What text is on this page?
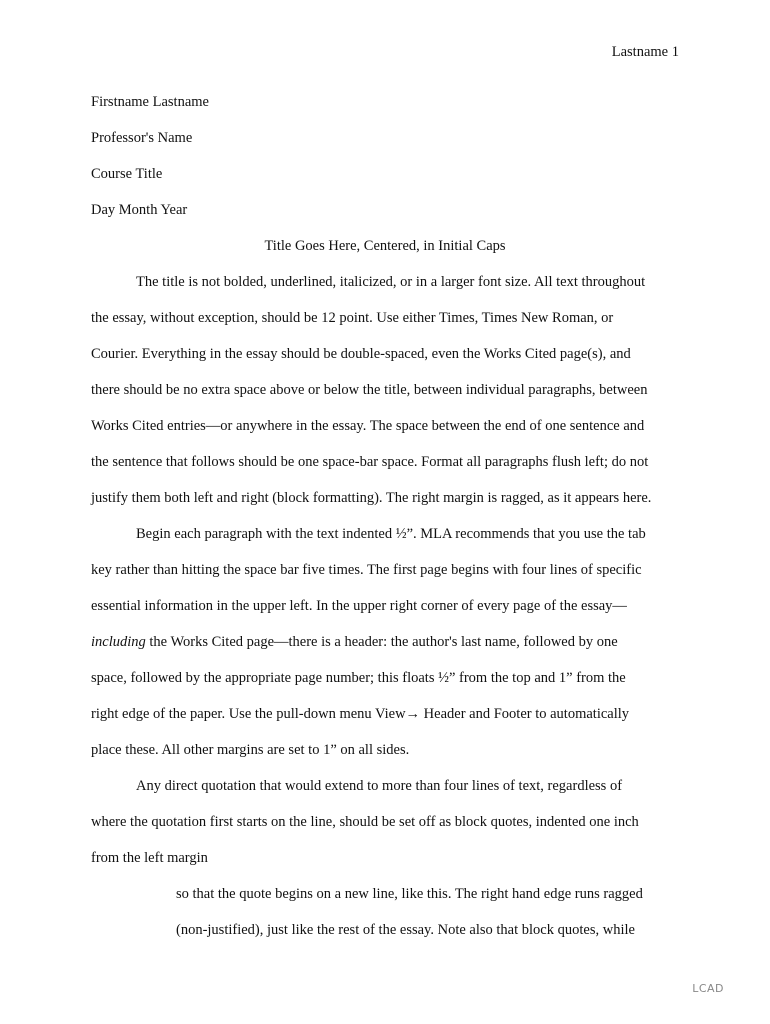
Lastname 1
Firstname Lastname
Professor's Name
Course Title
Day Month Year
Title Goes Here, Centered, in Initial Caps
The title is not bolded, underlined, italicized, or in a larger font size. All text throughout
the essay, without exception, should be 12 point. Use either Times, Times New Roman, or
Courier. Everything in the essay should be double-spaced, even the Works Cited page(s), and
there should be no extra space above or below the title, between individual paragraphs, between
Works Cited entries—or anywhere in the essay. The space between the end of one sentence and
the sentence that follows should be one space-bar space. Format all paragraphs flush left; do not
justify them both left and right (block formatting). The right margin is ragged, as it appears here.
Begin each paragraph with the text indented ½”. MLA recommends that you use the tab
key rather than hitting the space bar five times. The first page begins with four lines of specific
essential information in the upper left. In the upper right corner of every page of the essay—
including the Works Cited page—there is a header: the author's last name, followed by one
space, followed by the appropriate page number; this floats ½” from the top and 1” from the
right edge of the paper. Use the pull-down menu View→ Header and Footer to automatically
place these. All other margins are set to 1” on all sides.
Any direct quotation that would extend to more than four lines of text, regardless of
where the quotation first starts on the line, should be set off as block quotes, indented one inch
from the left margin
so that the quote begins on a new line, like this. The right hand edge runs ragged
(non-justified), just like the rest of the essay. Note also that block quotes, while
LCAD
